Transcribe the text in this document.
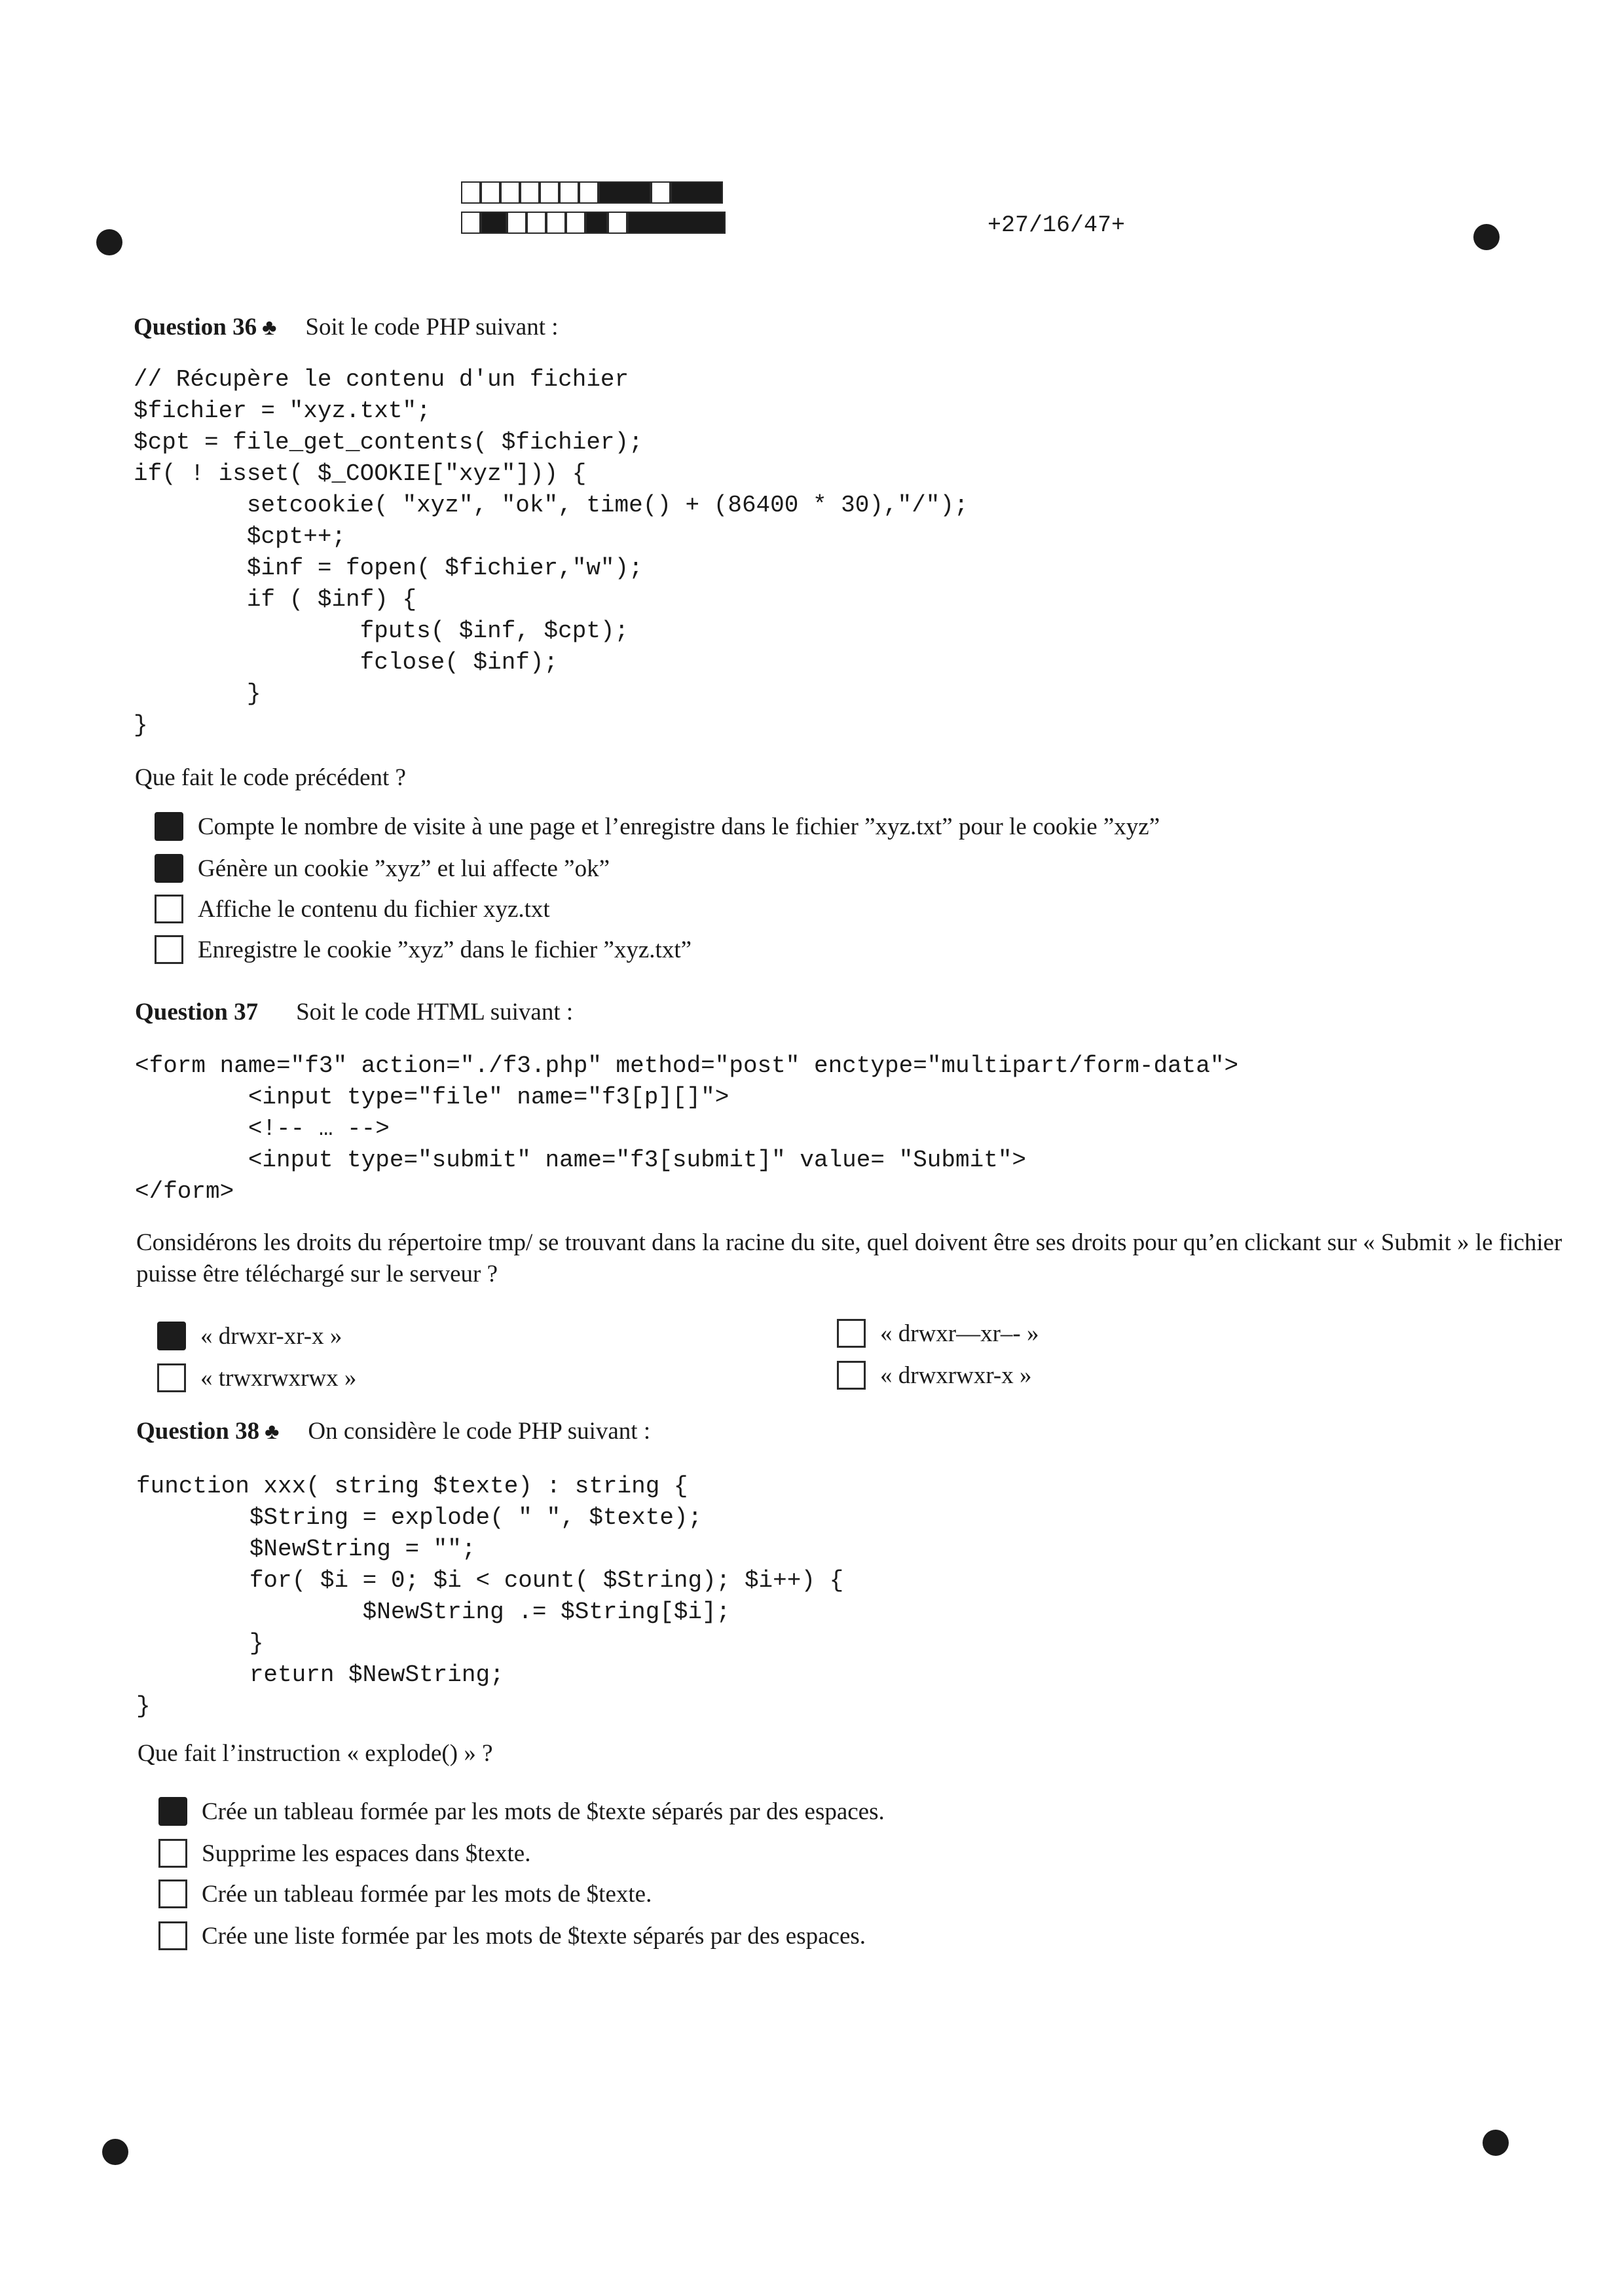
+27/16/47+
Question 36 ♣ Soit le code PHP suivant :
// Récupère le contenu d'un fichier
$fichier = "xyz.txt";
$cpt = file_get_contents( $fichier);
if( ! isset( $_COOKIE["xyz"])) {
setcookie( "xyz", "ok", time() + (86400 * 30),"/");
$cpt++;
$inf = fopen( $fichier,"w");
if ( $inf) {
fputs( $inf, $cpt);
fclose( $inf);
}
}
Que fait le code précédent ?
Compte le nombre de visite à une page et l’enregistre dans le fichier ”xyz.txt” pour le cookie ”xyz”
Génère un cookie ”xyz” et lui affecte ”ok”
Affiche le contenu du fichier xyz.txt
Enregistre le cookie ”xyz” dans le fichier ”xyz.txt”
Question 37 Soit le code HTML suivant :
<form name="f3" action="./f3.php" method="post" enctype="multipart/form-data">
<input type="file" name="f3[p][]">
<!-- … -->
<input type="submit" name="f3[submit]" value= "Submit">
</form>
Considérons les droits du répertoire tmp/ se trouvant dans la racine du site, quel doivent être ses droits pour qu’en clickant sur « Submit » le fichier puisse être téléchargé sur le serveur ?
« drwxr-xr-x »	« drwxr—xr–- »
« trwxrwxrwx »	« drwxrwxr-x »
Question 38 ♣ On considère le code PHP suivant :
function xxx( string $texte) : string {
$String = explode( " ", $texte);
$NewString = "";
for( $i = 0; $i < count( $String); $i++) {
$NewString .= $String[$i];
}
return $NewString;
}
Que fait l’instruction « explode() » ?
Crée un tableau formée par les mots de $texte séparés par des espaces.
Supprime les espaces dans $texte.
Crée un tableau formée par les mots de $texte.
Crée une liste formée par les mots de $texte séparés par des espaces.
